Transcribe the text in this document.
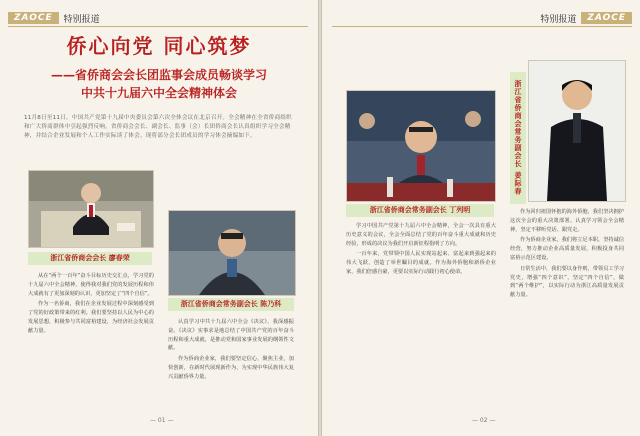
ZAOCE	特别报道
侨心向党 同心筑梦
——省侨商会会长团监事会成员畅谈学习
中共十九届六中全会精神体会
11月8日至11日，中国共产党第十九届中央委员会第六次全体会议在北京召开。全会精神在全省侨商组织和广大侨商群体中引起强烈反响。省侨商会会长、副会长、监事（会）长团侨商会长认真组织学习全会精神，并结合企业发展和个人工作实际谈了体会。现将部分会长团成员的学习体会摘编如下。
浙江省侨商会会长 廖春荣

从在“两个一百年”奋斗目标历史交汇点，学习党的十九届六中全会精神，使得我对我们党的发展历程和伟大成就有了更加深刻的认识，更加坚定了“四个自信”。

作为一名侨商，我们在企业发展过程中深刻感受到了党的好政策带来的红利。我们要坚持以人民为中心的发展思想，积极参与共同富裕建设，为经济社会发展贡献力量。

浙江省侨商会常务副会长 陈乃科

认真学习中共十九届六中全会《决议》，我深感振奋。《决议》实事求是地总结了中国共产党的百年奋斗历程和重大成就，是推动党和国家事业发展的纲领性文献。

作为侨商企业家，我们要坚定信心，聚焦主业，加快创新，在新时代展现新作为，为实现中华民族伟大复兴贡献侨界力量。

— 01 —
特别报道	ZAOCE
浙江省侨商会常务副会长 丁列明

学习中国共产党第十九届六中全会精神，全会一次具有重大历史意义的会议，全会全面总结了党的百年奋斗重大成就和历史经验，形成的决议为我们开启新征程指明了方向。

一百年来，党带领中国人民实现站起来、富起来到强起来的伟大飞跃，创造了举世瞩目的成就。作为海外侨胞和新侨企业家，我们倍感自豪，更要以实际行动践行初心使命。

浙江省侨商会常务副会长 姜际春

作为回归祖国怀抱的海外侨胞，我们坚决拥护这次全会的重大决策部署。认真学习领会全会精神，坚定不移听党话、跟党走。

作为侨商企业家，我们将立足本职，坚持诚信经营，努力推动企业高质量发展，积极投身共同富裕示范区建设。

日常生活中，我们要以身作则，带领员工学习党史，增强“四个意识”，坚定“四个自信”，做到“两个维护”，以实际行动为浙江高质量发展贡献力量。

— 02 —
